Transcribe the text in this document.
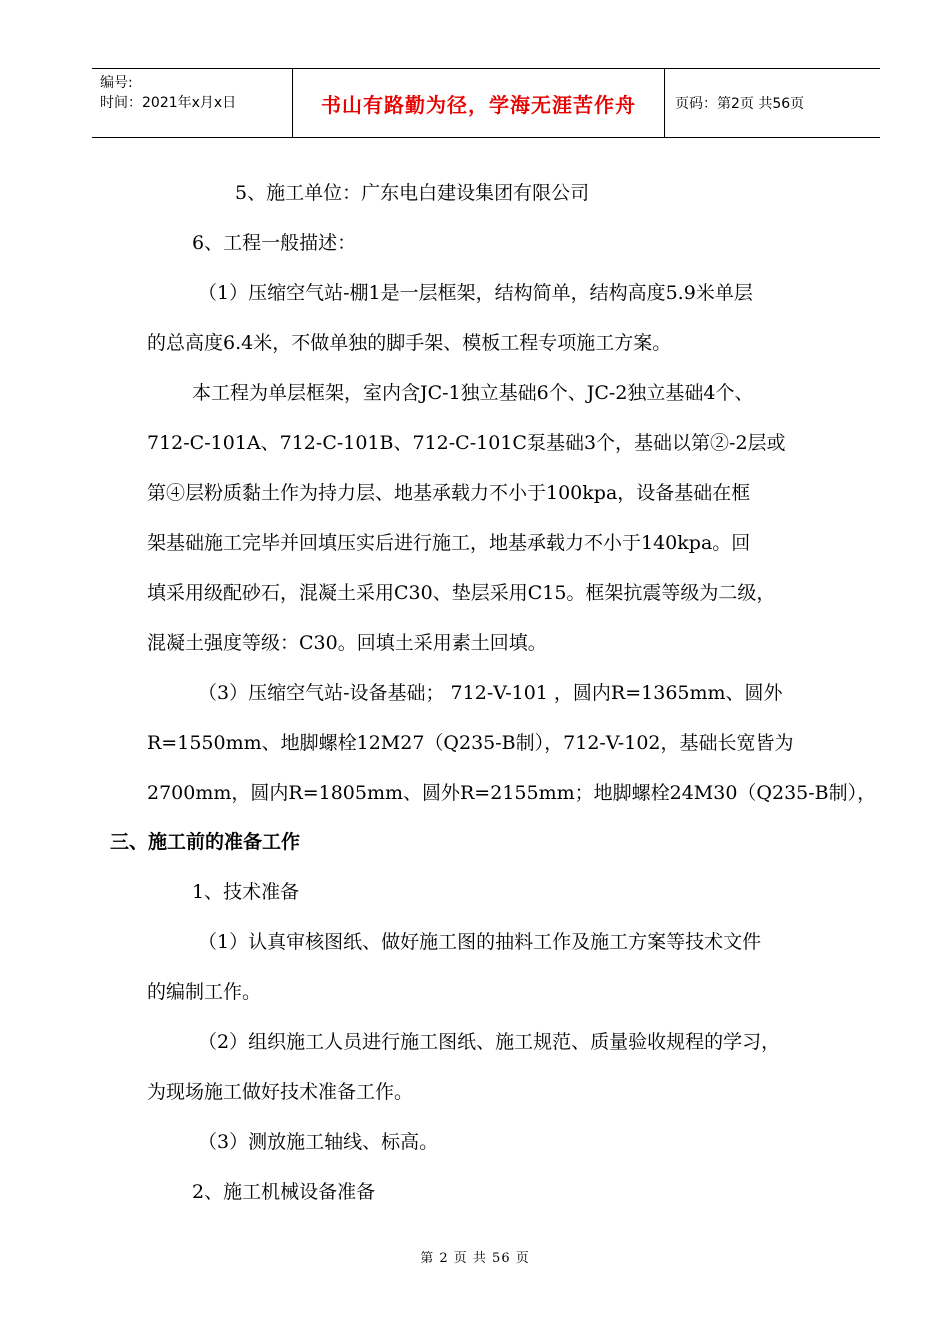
编号:
时间：2021年x月x日	书山有路勤为径，学海无涯苦作舟	页码：第2页 共56页
5、施工单位：广东电白建设集团有限公司
6、工程一般描述：
（1）压缩空气站-棚1是一层框架，结构简单，结构高度5.9米单层
的总高度6.4米，不做单独的脚手架、模板工程专项施工方案。
本工程为单层框架，室内含JC-1独立基础6个、JC-2独立基础4个、
712-C-101A、712-C-101B、712-C-101C泵基础3个，基础以第②-2层或
第④层粉质黏土作为持力层、地基承载力不小于100kpa，设备基础在框
架基础施工完毕并回填压实后进行施工，地基承载力不小于140kpa。回
填采用级配砂石，混凝土采用C30、垫层采用C15。框架抗震等级为二级，
混凝土强度等级：C30。回填土采用素土回填。
（3）压缩空气站-设备基础； 712-V-101 ，圆内R=1365mm、圆外
R=1550mm、地脚螺栓12M27（Q235-B制），712-V-102，基础长宽皆为
2700mm，圆内R=1805mm、圆外R=2155mm；地脚螺栓24M30（Q235-B制），
三、施工前的准备工作
1、技术准备
（1）认真审核图纸、做好施工图的抽料工作及施工方案等技术文件
的编制工作。
（2）组织施工人员进行施工图纸、施工规范、质量验收规程的学习，
为现场施工做好技术准备工作。
（3）测放施工轴线、标高。
2、施工机械设备准备
第 2 页 共 56 页
